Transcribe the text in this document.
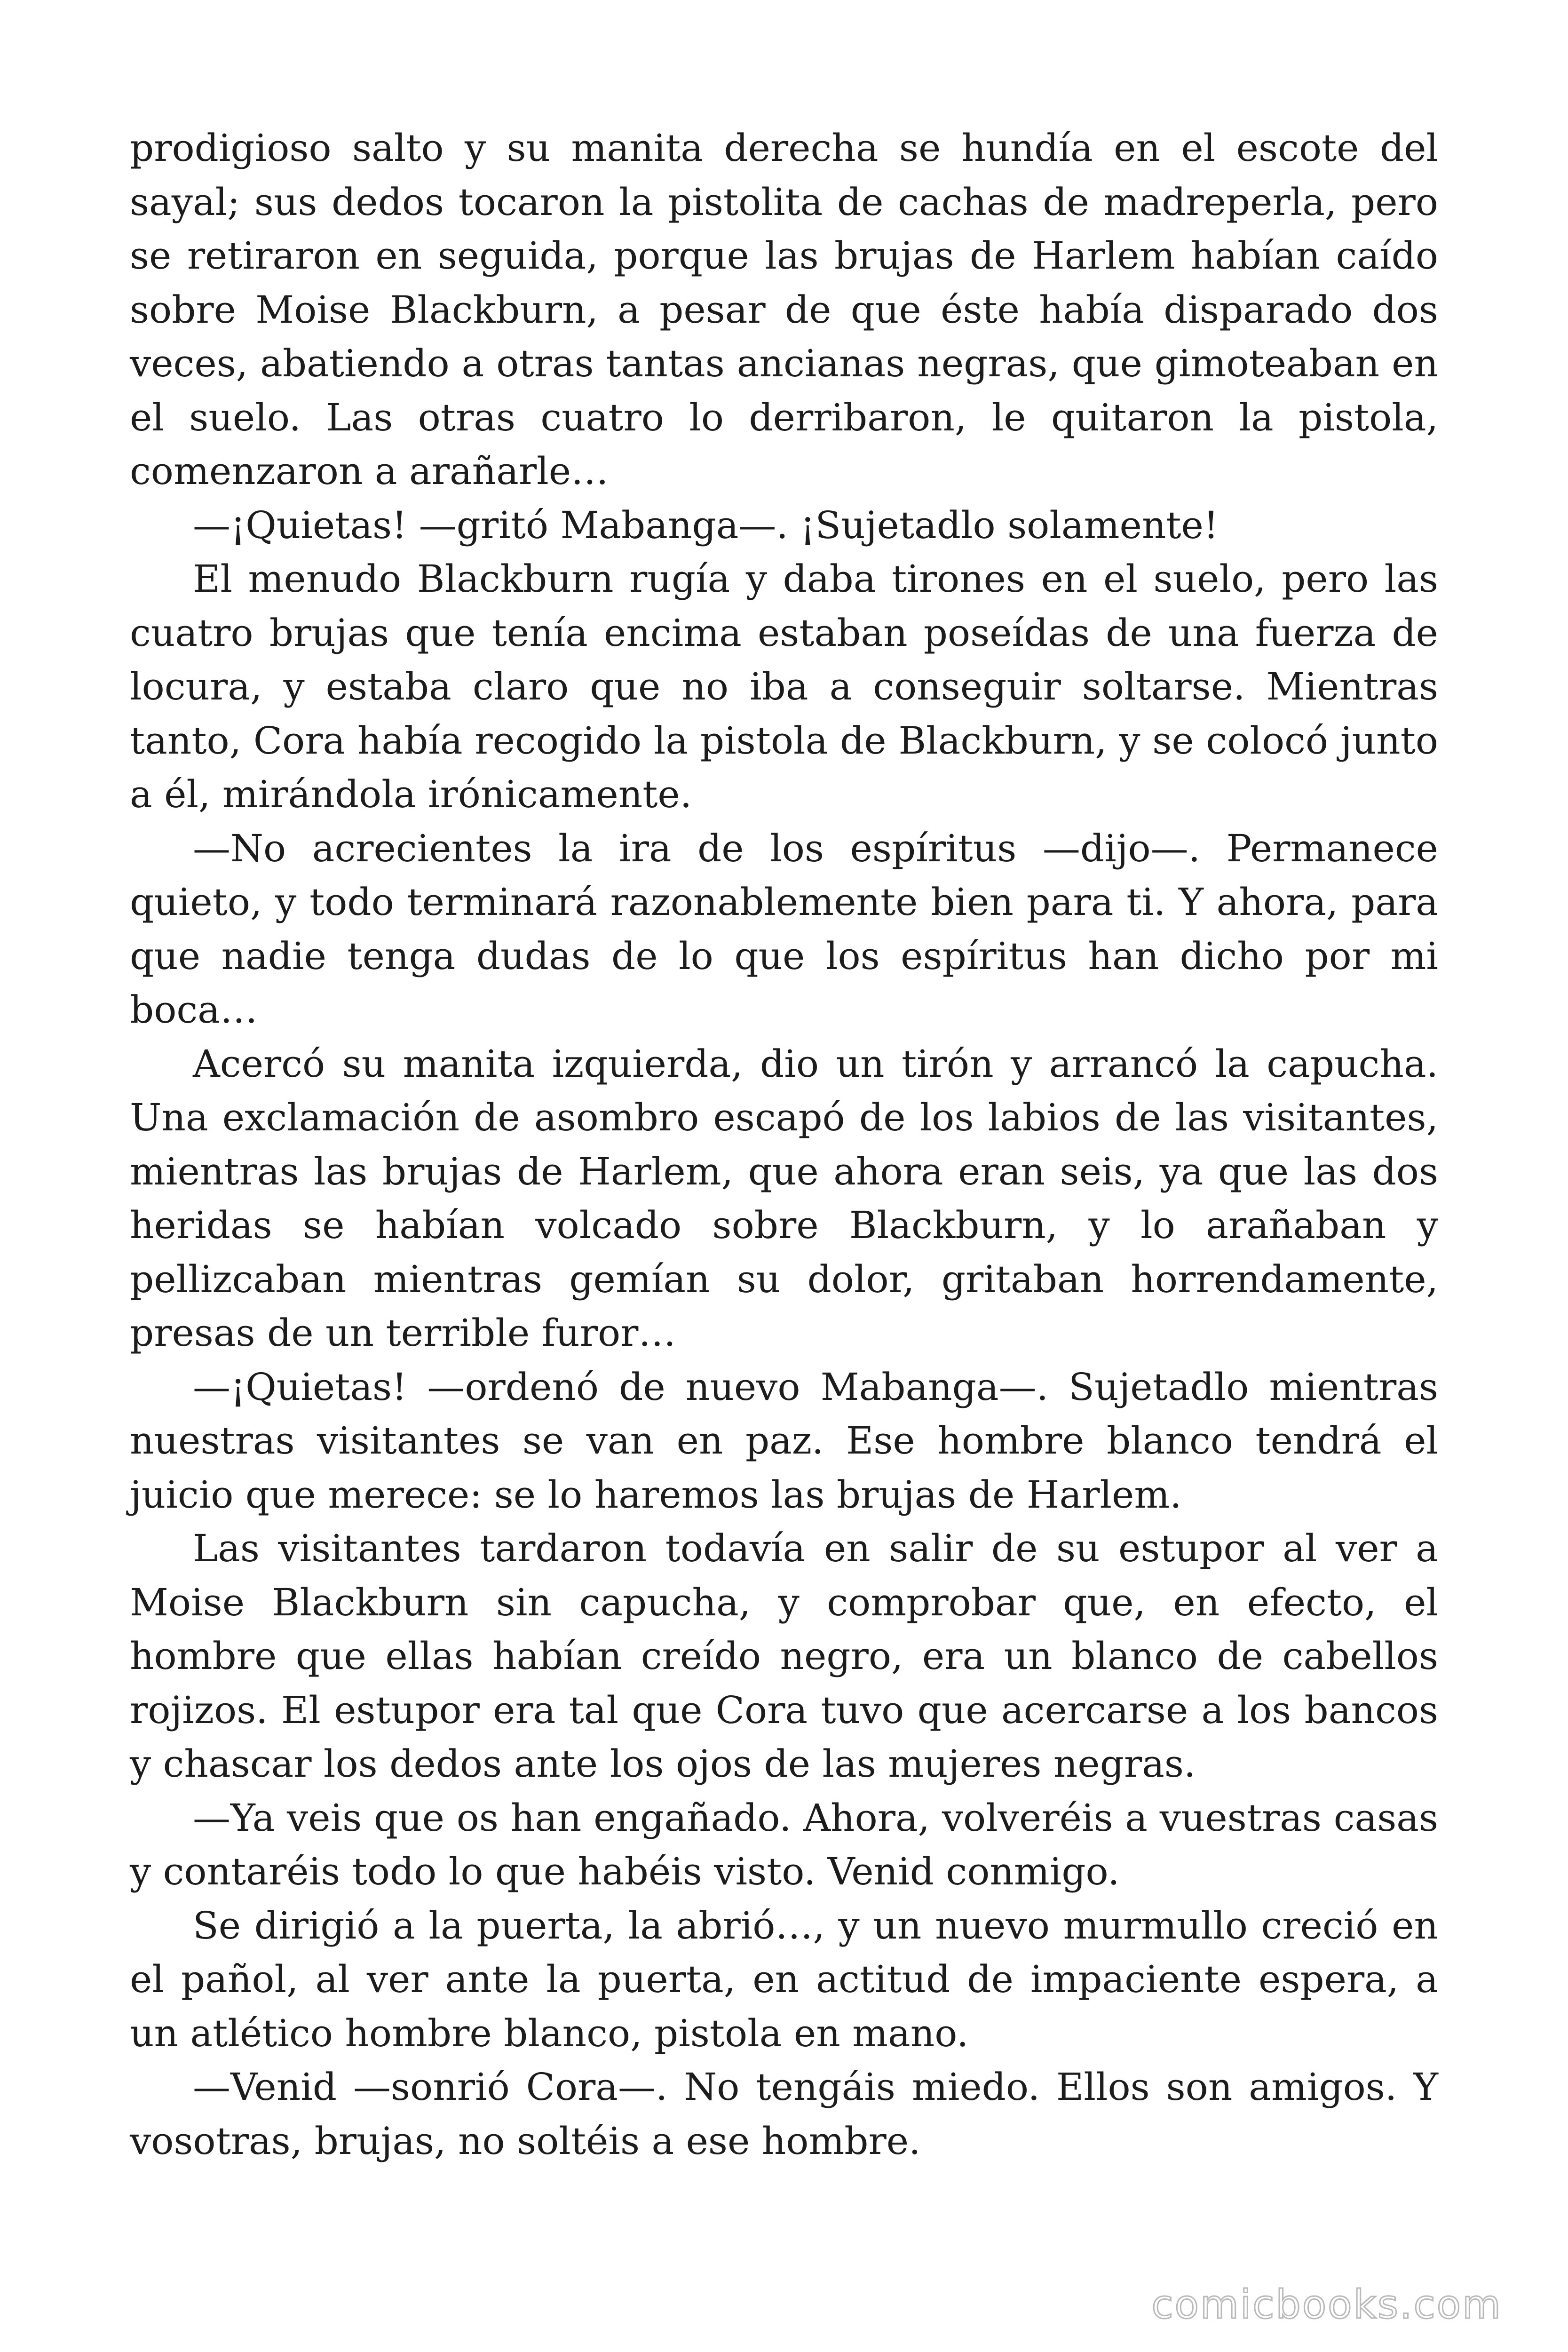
prodigioso salto y su manita derecha se hundía en el escote del sayal; sus dedos tocaron la pistolita de cachas de madreperla, pero se retiraron en seguida, porque las brujas de Harlem habían caído sobre Moise Blackburn, a pesar de que éste había disparado dos veces, abatiendo a otras tantas ancianas negras, que gimoteaban en el suelo. Las otras cuatro lo derribaron, le quitaron la pistola, comenzaron a arañarle…

—¡Quietas! —gritó Mabanga—. ¡Sujetadlo solamente!

El menudo Blackburn rugía y daba tirones en el suelo, pero las cuatro brujas que tenía encima estaban poseídas de una fuerza de locura, y estaba claro que no iba a conseguir soltarse. Mientras tanto, Cora había recogido la pistola de Blackburn, y se colocó junto a él, mirándola irónicamente.

—No acrecientes la ira de los espíritus —dijo—. Permanece quieto, y todo terminará razonablemente bien para ti. Y ahora, para que nadie tenga dudas de lo que los espíritus han dicho por mi boca…

Acercó su manita izquierda, dio un tirón y arrancó la capucha. Una exclamación de asombro escapó de los labios de las visitantes, mientras las brujas de Harlem, que ahora eran seis, ya que las dos heridas se habían volcado sobre Blackburn, y lo arañaban y pellizcaban mientras gemían su dolor, gritaban horrendamente, presas de un terrible furor…

—¡Quietas! —ordenó de nuevo Mabanga—. Sujetadlo mientras nuestras visitantes se van en paz. Ese hombre blanco tendrá el juicio que merece: se lo haremos las brujas de Harlem.

Las visitantes tardaron todavía en salir de su estupor al ver a Moise Blackburn sin capucha, y comprobar que, en efecto, el hombre que ellas habían creído negro, era un blanco de cabellos rojizos. El estupor era tal que Cora tuvo que acercarse a los bancos y chascar los dedos ante los ojos de las mujeres negras.

—Ya veis que os han engañado. Ahora, volveréis a vuestras casas y contaréis todo lo que habéis visto. Venid conmigo.

Se dirigió a la puerta, la abrió…, y un nuevo murmullo creció en el pañol, al ver ante la puerta, en actitud de impaciente espera, a un atlético hombre blanco, pistola en mano.

—Venid —sonrió Cora—. No tengáis miedo. Ellos son amigos. Y vosotras, brujas, no soltéis a ese hombre.

comicbooks.com
